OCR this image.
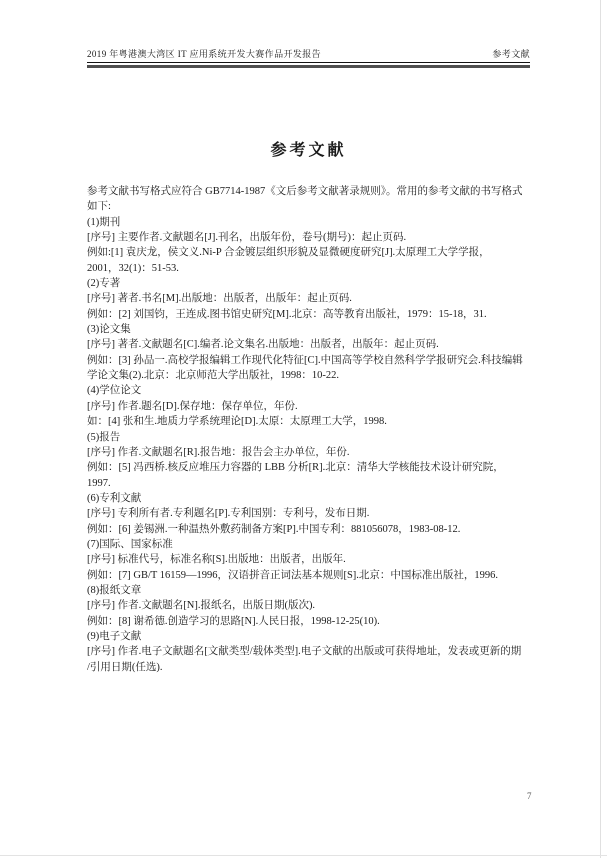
2019 年粤港澳大湾区 IT 应用系统开发大赛作品开发报告	参考文献
参考文献
参考文献书写格式应符合 GB7714-1987《文后参考文献著录规则》。常用的参考文献的书写格式
如下:
(1)期刊
[序号] 主要作者.文献题名[J].刊名，出版年份，卷号(期号)：起止页码.
例如:[1] 袁庆龙，侯文义.Ni-P 合金镀层组织形貌及显微硬度研究[J].太原理工大学学报，
2001，32(1)：51-53.
(2)专著
[序号] 著者.书名[M].出版地：出版者，出版年：起止页码.
例如：[2] 刘国钧，王连成.图书馆史研究[M].北京：高等教育出版社，1979：15-18，31.
(3)论文集
[序号] 著者.文献题名[C].编者.论文集名.出版地：出版者，出版年：起止页码.
例如：[3] 孙品一.高校学报编辑工作现代化特征[C].中国高等学校自然科学学报研究会.科技编辑
学论文集(2).北京：北京师范大学出版社，1998：10-22.
(4)学位论文
[序号] 作者.题名[D].保存地：保存单位，年份.
如：[4] 张和生.地质力学系统理论[D].太原：太原理工大学，1998.
(5)报告
[序号] 作者.文献题名[R].报告地：报告会主办单位，年份.
例如：[5] 冯西桥.核反应堆压力容器的 LBB 分析[R].北京：清华大学核能技术设计研究院，
1997.
(6)专利文献
[序号] 专利所有者.专利题名[P].专利国别：专利号，发布日期.
例如：[6] 姜锡洲.一种温热外敷药制备方案[P].中国专利：881056078，1983-08-12.
(7)国际、国家标准
[序号] 标准代号，标准名称[S].出版地：出版者，出版年.
例如：[7] GB/T 16159—1996，汉语拼音正词法基本规则[S].北京：中国标准出版社，1996.
(8)报纸文章
[序号] 作者.文献题名[N].报纸名，出版日期(版次).
例如：[8] 谢希德.创造学习的思路[N].人民日报，1998-12-25(10).
(9)电子文献
[序号] 作者.电子文献题名[文献类型/载体类型].电子文献的出版或可获得地址，发表或更新的期
/引用日期(任选).
7
